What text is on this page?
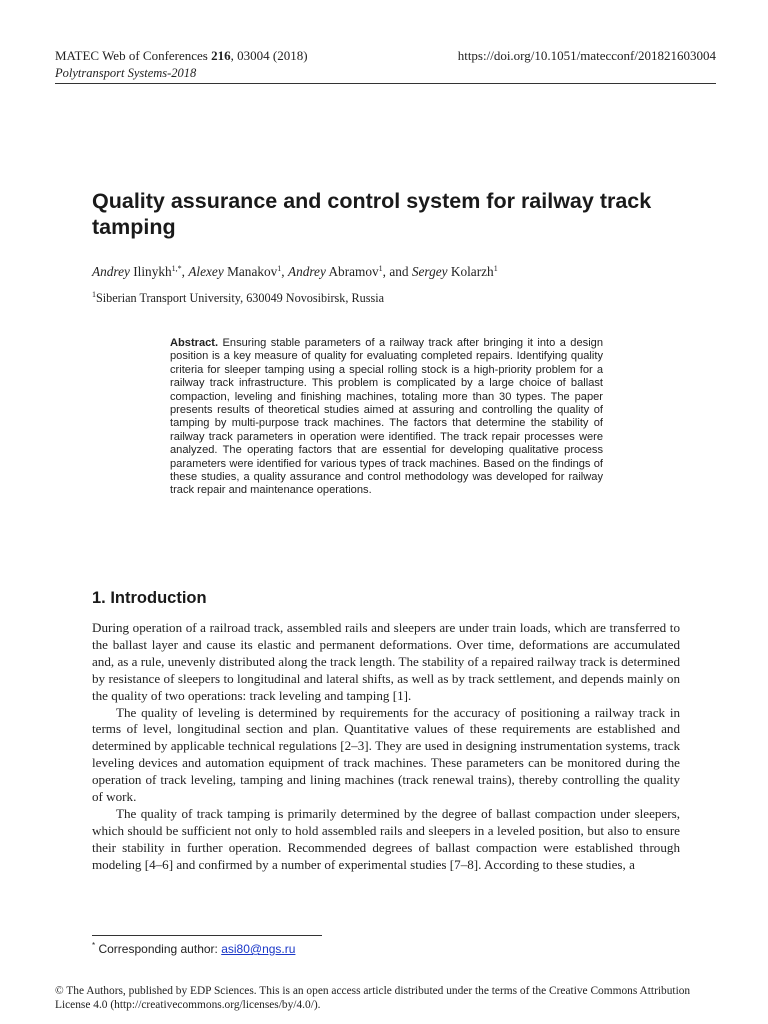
MATEC Web of Conferences 216, 03004 (2018)	https://doi.org/10.1051/matecconf/201821603004
Polytransport Systems-2018
Quality assurance and control system for railway track tamping
Andrey Ilinykh$^{1,*}$, Alexey Manakov$^1$, Andrey Abramov$^1$, and Sergey Kolarzh$^1$
$^1$Siberian Transport University, 630049 Novosibirsk, Russia
Abstract. Ensuring stable parameters of a railway track after bringing it into a design position is a key measure of quality for evaluating completed repairs. Identifying quality criteria for sleeper tamping using a special rolling stock is a high-priority problem for a railway track infrastructure. This problem is complicated by a large choice of ballast compaction, leveling and finishing machines, totaling more than 30 types. The paper presents results of theoretical studies aimed at assuring and controlling the quality of tamping by multi-purpose track machines. The factors that determine the stability of railway track parameters in operation were identified. The track repair processes were analyzed. The operating factors that are essential for developing qualitative process parameters were identified for various types of track machines. Based on the findings of these studies, a quality assurance and control methodology was developed for railway track repair and maintenance operations.
1. Introduction

During operation of a railroad track, assembled rails and sleepers are under train loads, which are transferred to the ballast layer and cause its elastic and permanent deformations. Over time, deformations are accumulated and, as a rule, unevenly distributed along the track length. The stability of a repaired railway track is determined by resistance of sleepers to longitudinal and lateral shifts, as well as by track settlement, and depends mainly on the quality of two operations: track leveling and tamping [1].

The quality of leveling is determined by requirements for the accuracy of positioning a railway track in terms of level, longitudinal section and plan. Quantitative values of these requirements are established and determined by applicable technical regulations [2–3]. They are used in designing instrumentation systems, track leveling devices and automation equipment of track machines. These parameters can be monitored during the operation of track leveling, tamping and lining machines (track renewal trains), thereby controlling the quality of work.

The quality of track tamping is primarily determined by the degree of ballast compaction under sleepers, which should be sufficient not only to hold assembled rails and sleepers in a leveled position, but also to ensure their stability in further operation. Recommended degrees of ballast compaction were established through modeling [4–6] and confirmed by a number of experimental studies [7–8]. According to these studies, a

* Corresponding author: asi80@ngs.ru
© The Authors, published by EDP Sciences. This is an open access article distributed under the terms of the Creative Commons Attribution License 4.0 (http://creativecommons.org/licenses/by/4.0/).
